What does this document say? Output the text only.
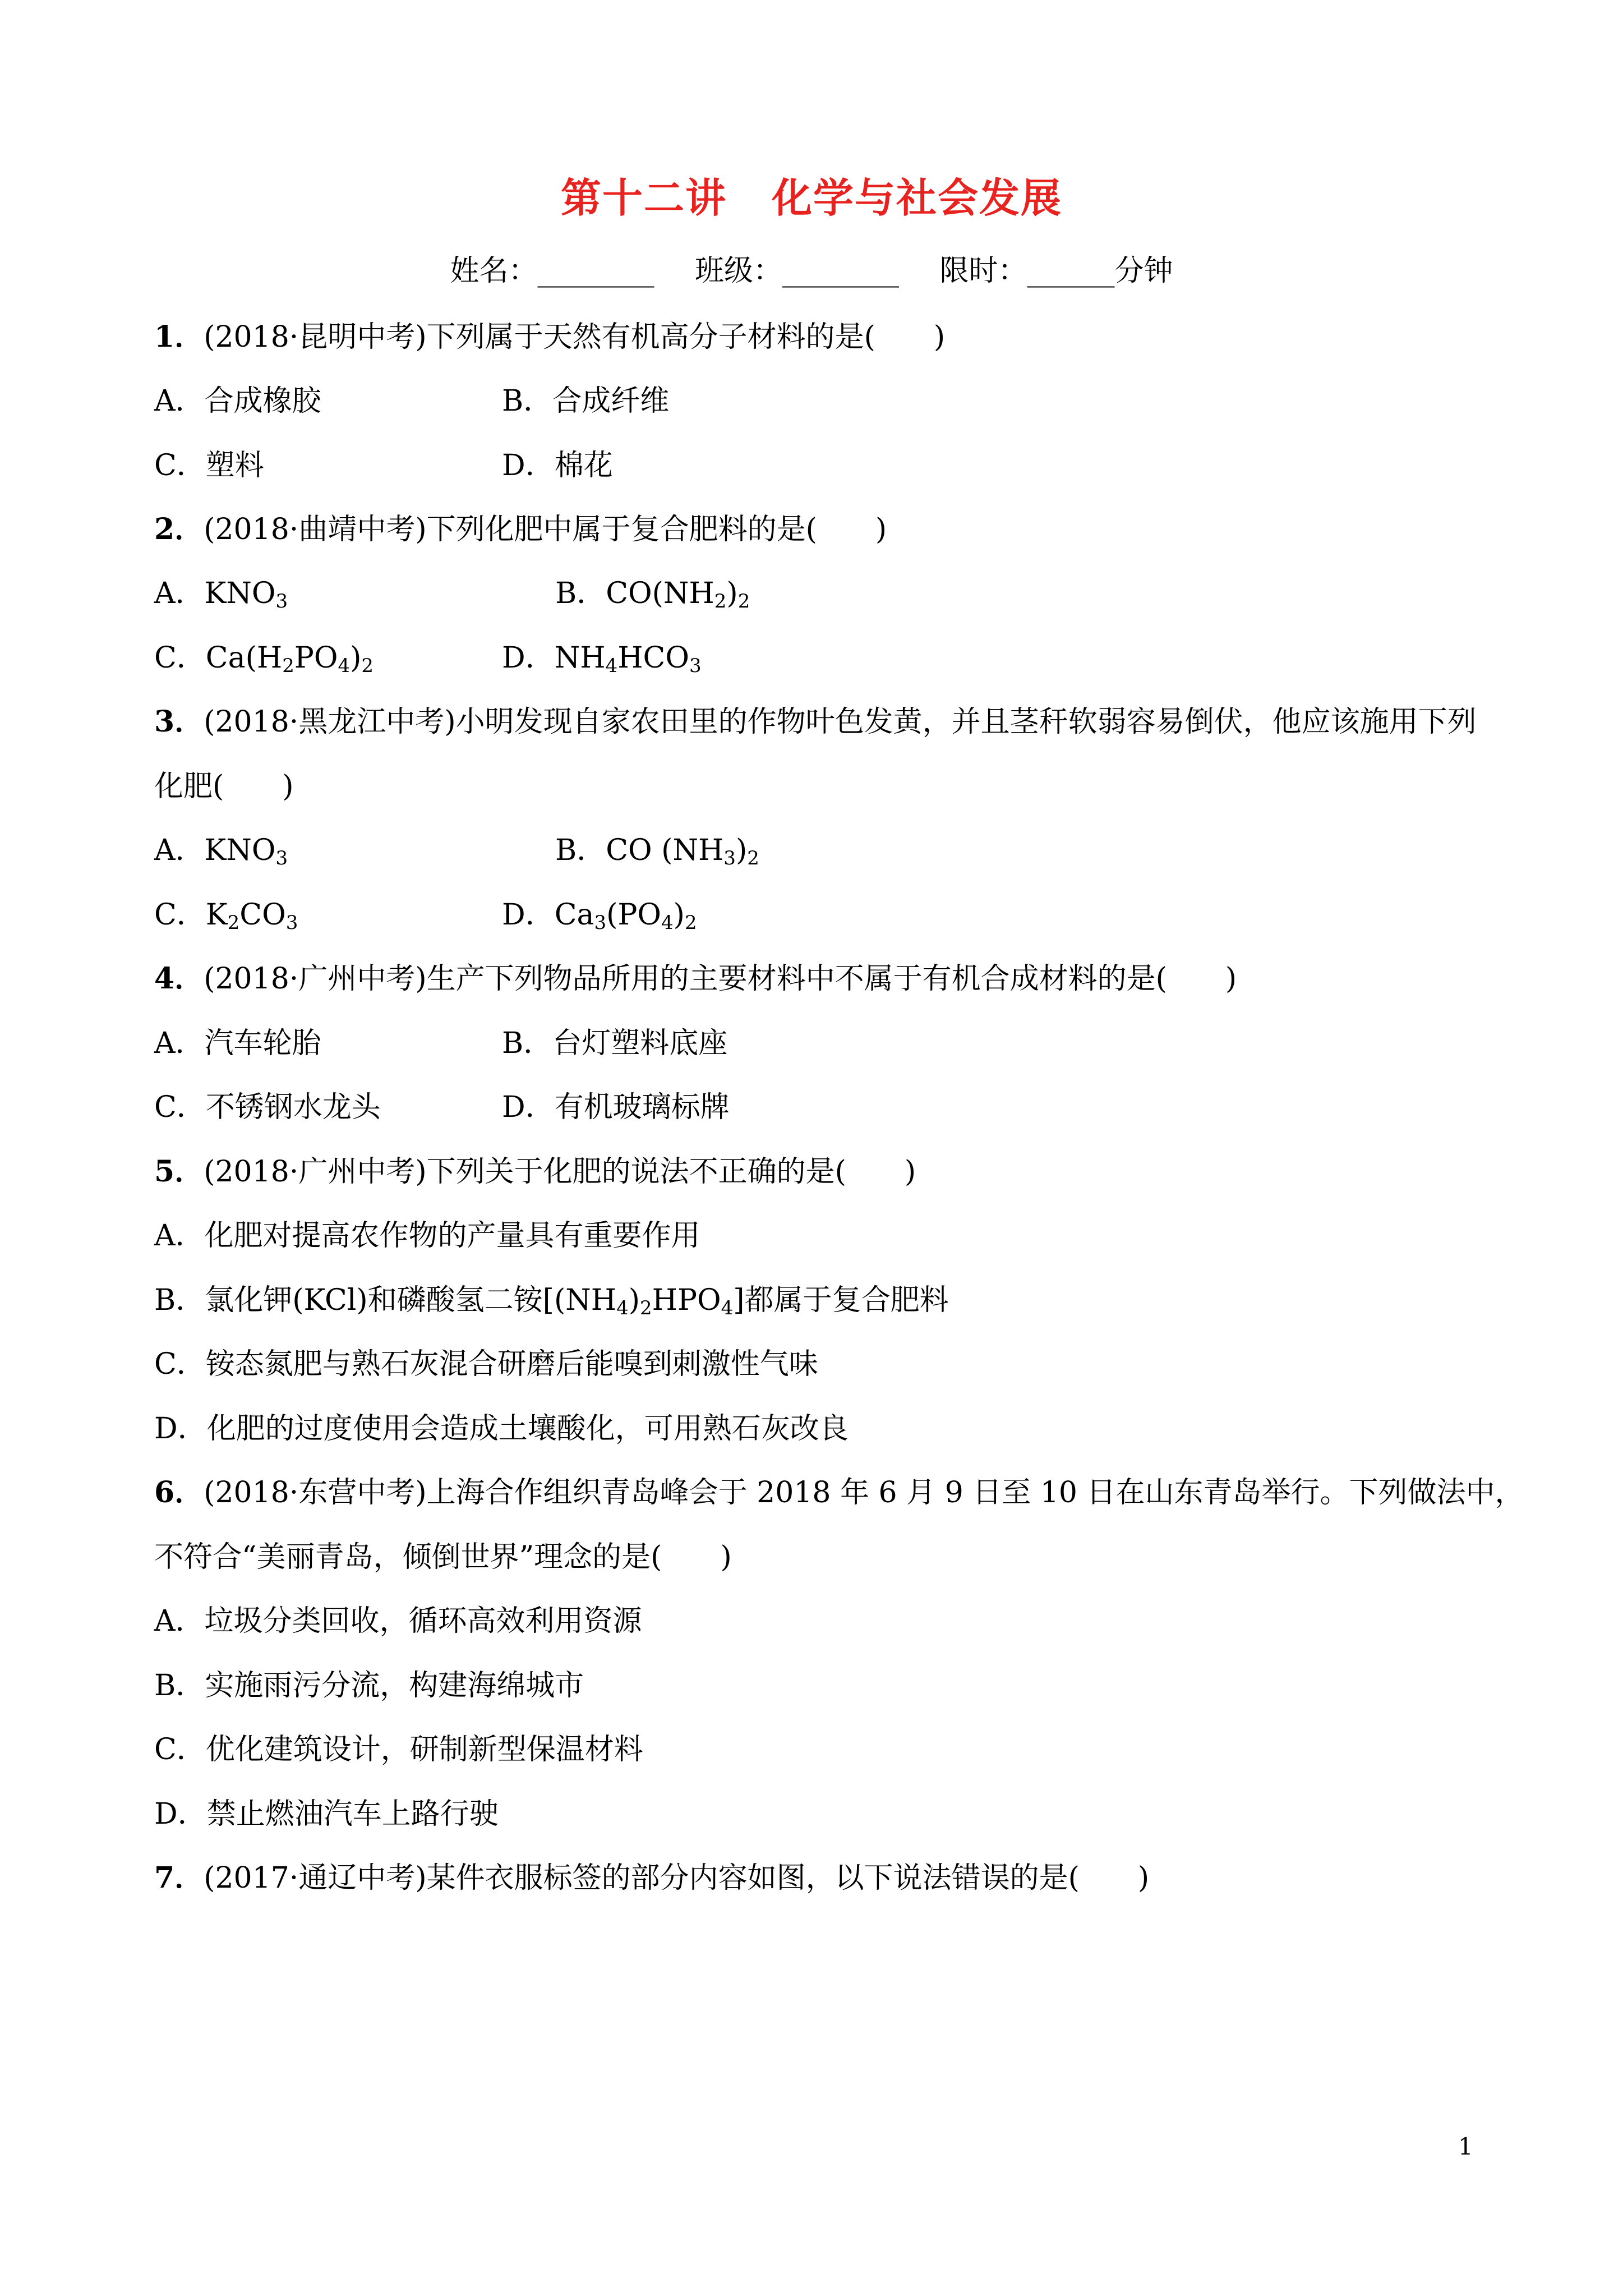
第十二讲 化学与社会发展
姓名：________ 班级：________ 限时：______分钟
1．(2018·昆明中考)下列属于天然有机高分子材料的是(　　)
A．合成橡胶	B．合成纤维
C．塑料	D．棉花
2．(2018·曲靖中考)下列化肥中属于复合肥料的是(　　)
A．$KNO_3$	B．$CO(NH_2)_2$
C．$Ca(H_2PO_4)_2$	D．$NH_4HCO_3$
3．(2018·黑龙江中考)小明发现自家农田里的作物叶色发黄，并且茎秆软弱容易倒伏，他应该施用下列
化肥(　　)
A．$KNO_3$	B．CO $(NH_3)_2$
C．$K_2CO_3$	D．$Ca_3(PO_4)_2$
4．(2018·广州中考)生产下列物品所用的主要材料中不属于有机合成材料的是(　　)
A．汽车轮胎	B．台灯塑料底座
C．不锈钢水龙头	D．有机玻璃标牌
5．(2018·广州中考)下列关于化肥的说法不正确的是(　　)
A．化肥对提高农作物的产量具有重要作用
B．氯化钾(KCl)和磷酸氢二铵$[(NH_4)_2HPO_4]$都属于复合肥料
C．铵态氮肥与熟石灰混合研磨后能嗅到刺激性气味
D．化肥的过度使用会造成土壤酸化，可用熟石灰改良
6．(2018·东营中考)上海合作组织青岛峰会于 2018 年 6 月 9 日至 10 日在山东青岛举行。下列做法中，
不符合“美丽青岛，倾倒世界”理念的是(　　)
A．垃圾分类回收，循环高效利用资源
B．实施雨污分流，构建海绵城市
C．优化建筑设计，研制新型保温材料
D．禁止燃油汽车上路行驶
7．(2017·通辽中考)某件衣服标签的部分内容如图，以下说法错误的是(　　)
1
